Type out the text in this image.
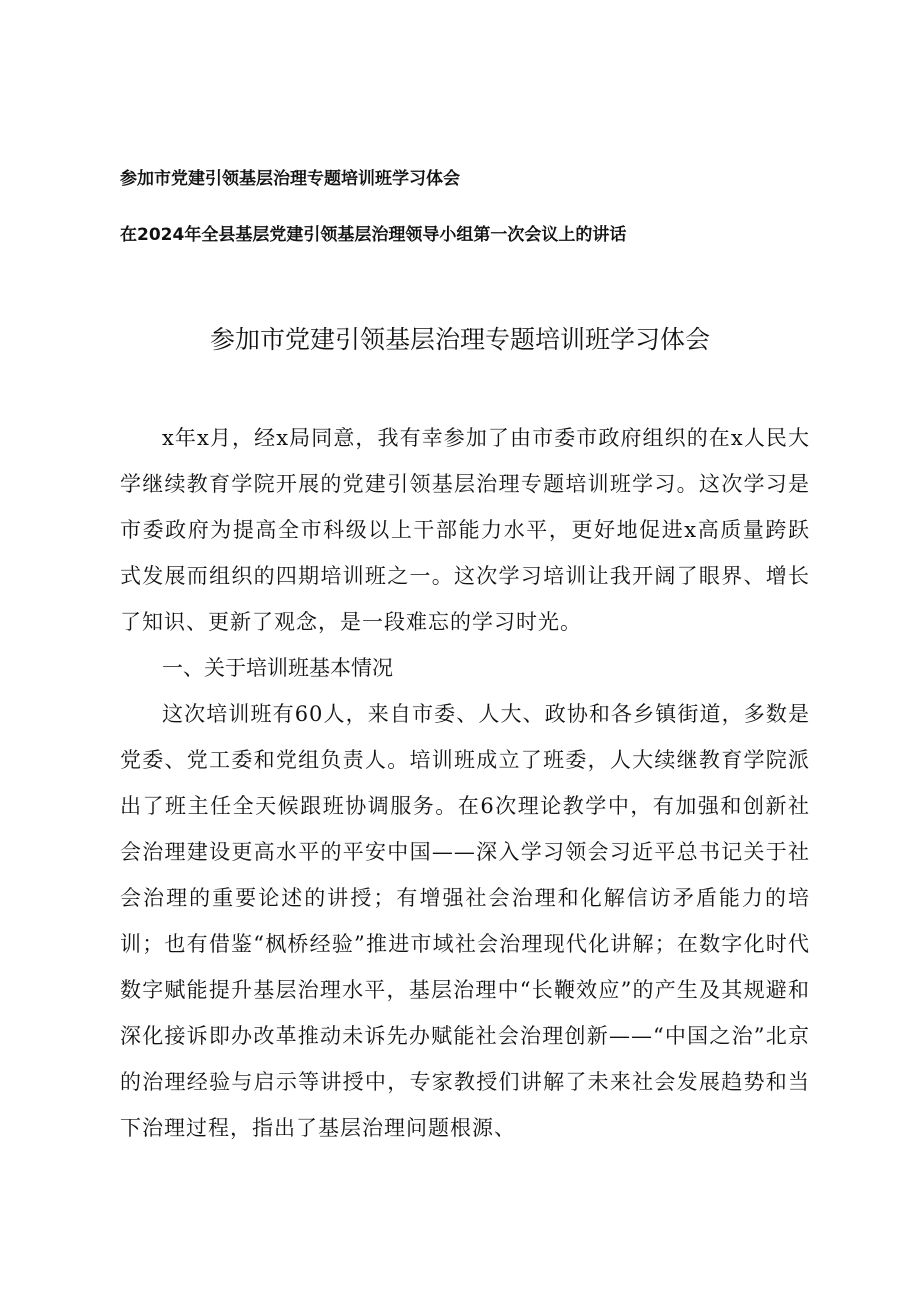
参加市党建引领基层治理专题培训班学习体会
在2024年全县基层党建引领基层治理领导小组第一次会议上的讲话
参加市党建引领基层治理专题培训班学习体会

x年x月，经x局同意，我有幸参加了由市委市政府组织的在x人民大学继续教育学院开展的党建引领基层治理专题培训班学习。这次学习是市委政府为提高全市科级以上干部能力水平，更好地促进x高质量跨跃式发展而组织的四期培训班之一。这次学习培训让我开阔了眼界、增长了知识、更新了观念，是一段难忘的学习时光。

一、关于培训班基本情况

这次培训班有60人，来自市委、人大、政协和各乡镇街道，多数是党委、党工委和党组负责人。培训班成立了班委，人大续继教育学院派出了班主任全天候跟班协调服务。在6次理论教学中，有加强和创新社会治理建设更高水平的平安中国——深入学习领会习近平总书记关于社会治理的重要论述的讲授；有增强社会治理和化解信访矛盾能力的培训；也有借鉴“枫桥经验”推进市域社会治理现代化讲解；在数字化时代数字赋能提升基层治理水平，基层治理中“长鞭效应”的产生及其规避和深化接诉即办改革推动未诉先办赋能社会治理创新——“中国之治”北京的治理经验与启示等讲授中，专家教授们讲解了未来社会发展趋势和当下治理过程，指出了基层治理问题根源、
